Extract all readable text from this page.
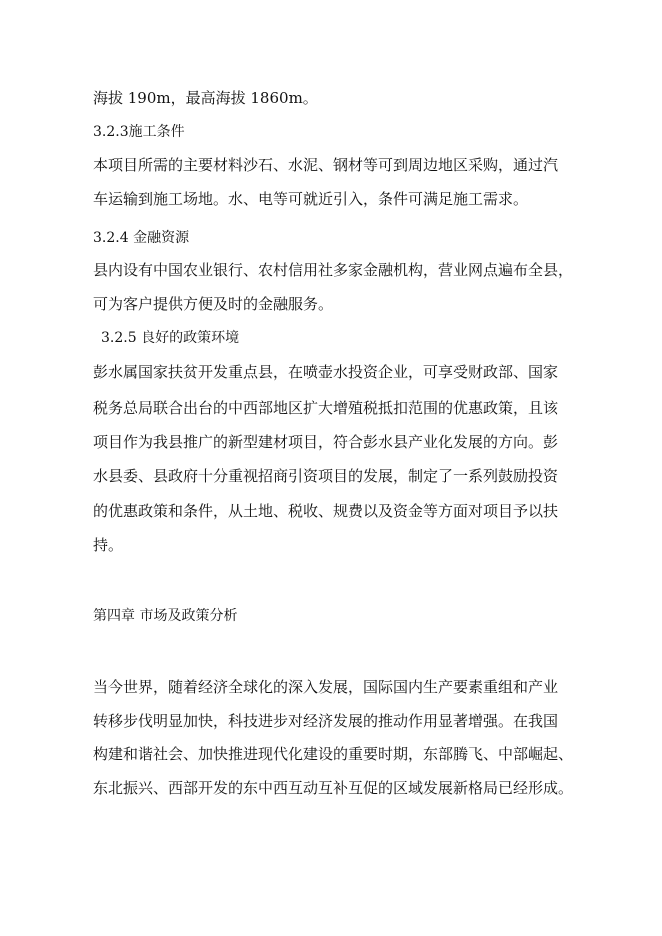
海拔 190m，最高海拔 1860m。

3.2.3施工条件

本项目所需的主要材料沙石、水泥、钢材等可到周边地区采购，通过汽

车运输到施工场地。水、电等可就近引入，条件可满足施工需求。

3.2.4 金融资源

县内设有中国农业银行、农村信用社多家金融机构，营业网点遍布全县，

可为客户提供方便及时的金融服务。

3.2.5 良好的政策环境

彭水属国家扶贫开发重点县，在喷壶水投资企业，可享受财政部、国家

税务总局联合出台的中西部地区扩大增殖税抵扣范围的优惠政策，且该

项目作为我县推广的新型建材项目，符合彭水县产业化发展的方向。彭

水县委、县政府十分重视招商引资项目的发展，制定了一系列鼓励投资

的优惠政策和条件，从土地、税收、规费以及资金等方面对项目予以扶

持。

第四章 市场及政策分析

当今世界，随着经济全球化的深入发展，国际国内生产要素重组和产业

转移步伐明显加快，科技进步对经济发展的推动作用显著增强。在我国

构建和谐社会、加快推进现代化建设的重要时期，东部腾飞、中部崛起、

东北振兴、西部开发的东中西互动互补互促的区域发展新格局已经形成。
